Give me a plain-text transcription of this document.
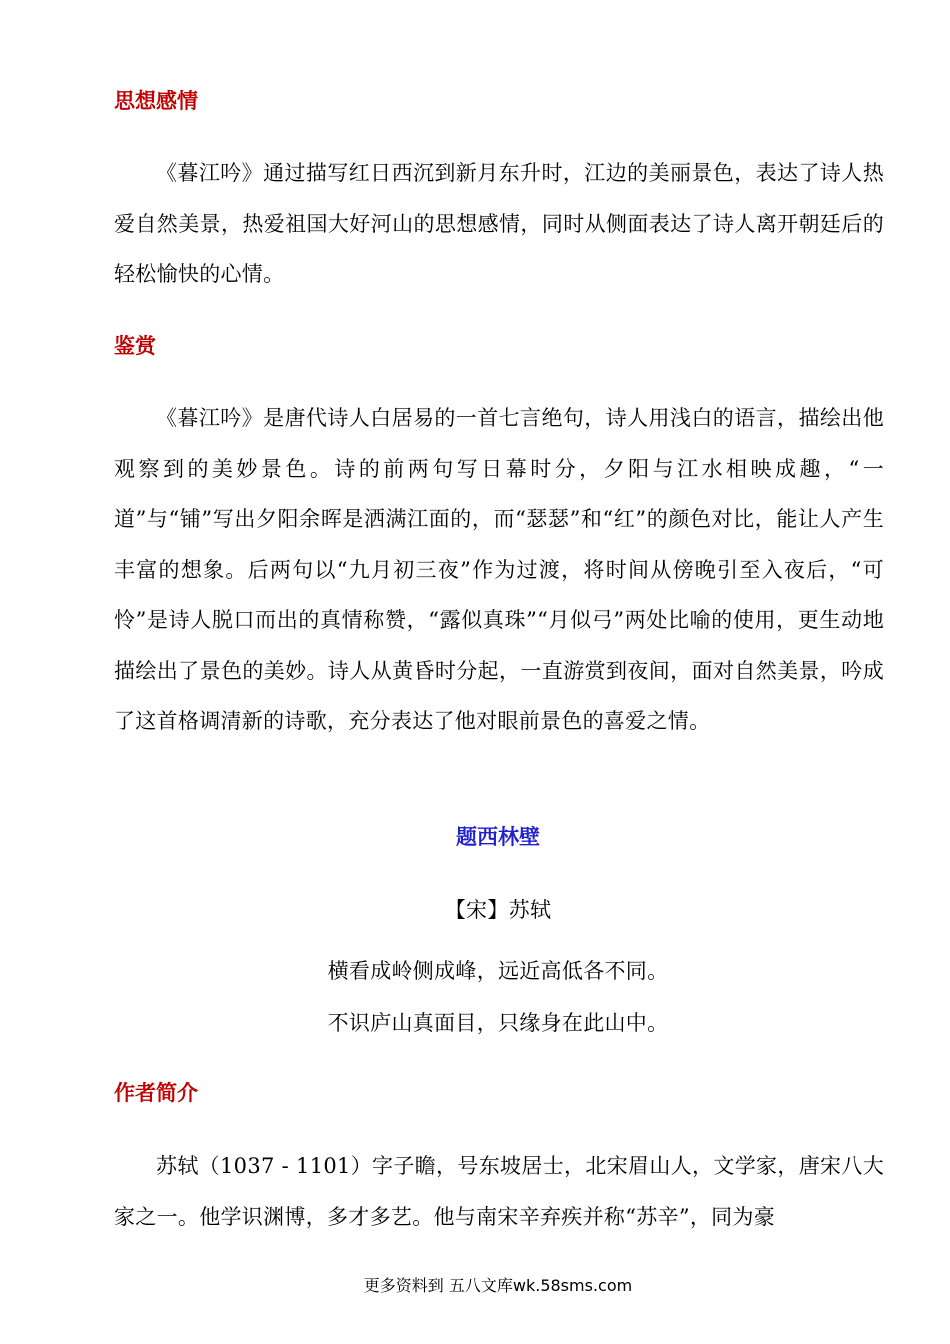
思想感情

《暮江吟》通过描写红日西沉到新月东升时，江边的美丽景色，表达了诗人热爱自然美景，热爱祖国大好河山的思想感情，同时从侧面表达了诗人离开朝廷后的轻松愉快的心情。

鉴赏

《暮江吟》是唐代诗人白居易的一首七言绝句，诗人用浅白的语言，描绘出他观察到的美妙景色。诗的前两句写日幕时分，夕阳与江水相映成趣，“一道”与“铺”写出夕阳余晖是洒满江面的，而“瑟瑟”和“红”的颜色对比，能让人产生丰富的想象。后两句以“九月初三夜”作为过渡，将时间从傍晚引至入夜后，“可怜”是诗人脱口而出的真情称赞，“露似真珠”“月似弓”两处比喻的使用，更生动地描绘出了景色的美妙。诗人从黄昏时分起，一直游赏到夜间，面对自然美景，吟成了这首格调清新的诗歌，充分表达了他对眼前景色的喜爱之情。

题西林壁

【宋】苏轼

横看成岭侧成峰，远近高低各不同。

不识庐山真面目，只缘身在此山中。

作者简介

苏轼（1037 - 1101）字子瞻，号东坡居士，北宋眉山人，文学家，唐宋八大家之一。他学识渊博，多才多艺。他与南宋辛弃疾并称“苏辛”，同为豪

更多资料到 五八文库wk.58sms.com
